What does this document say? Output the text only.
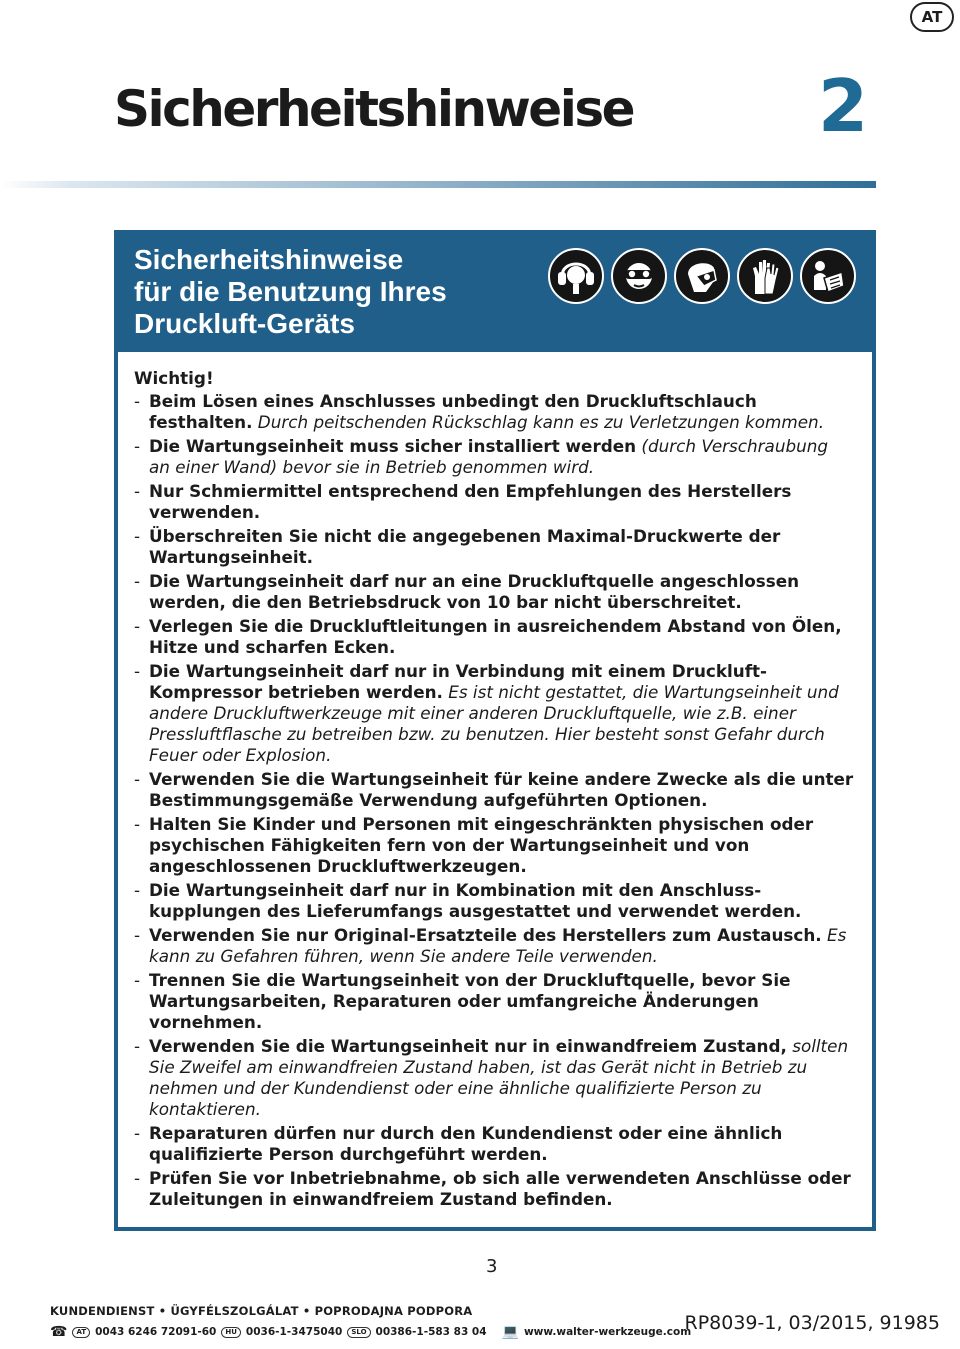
AT
Sicherheitshinweise	2
Sicherheitshinweise
für die Benutzung Ihres
Druckluft-Geräts

Wichtig!

- Beim Lösen eines Anschlusses unbedingt den Druckluftschlauch festhalten. Durch peitschenden Rückschlag kann es zu Verletzungen kommen.
- Die Wartungseinheit muss sicher installiert werden (durch Verschraubung an einer Wand) bevor sie in Betrieb genommen wird.
- Nur Schmiermittel entsprechend den Empfehlungen des Herstellers verwenden.
- Überschreiten Sie nicht die angegebenen Maximal-Druckwerte der Wartungseinheit.
- Die Wartungseinheit darf nur an eine Druckluftquelle angeschlossen werden, die den Betriebsdruck von 10 bar nicht überschreitet.
- Verlegen Sie die Druckluftleitungen in ausreichendem Abstand von Ölen, Hitze und scharfen Ecken.
- Die Wartungseinheit darf nur in Verbindung mit einem Druckluft-Kompressor betrieben werden. Es ist nicht gestattet, die Wartungseinheit und andere Druckluftwerkzeuge mit einer anderen Druckluftquelle, wie z.B. einer Pressluftflasche zu betreiben bzw. zu benutzen. Hier besteht sonst Gefahr durch Feuer oder Explosion.
- Verwenden Sie die Wartungseinheit für keine andere Zwecke als die unter Bestimmungsgemäße Verwendung aufgeführten Optionen.
- Halten Sie Kinder und Personen mit eingeschränkten physischen oder psychischen Fähigkeiten fern von der Wartungseinheit und von angeschlossenen Druckluftwerkzeugen.
- Die Wartungseinheit darf nur in Kombination mit den Anschluss-kupplungen des Lieferumfangs ausgestattet und verwendet werden.
- Verwenden Sie nur Original-Ersatzteile des Herstellers zum Austausch. Es kann zu Gefahren führen, wenn Sie andere Teile verwenden.
- Trennen Sie die Wartungseinheit von der Druckluftquelle, bevor Sie Wartungsarbeiten, Reparaturen oder umfangreiche Änderungen vornehmen.
- Verwenden Sie die Wartungseinheit nur in einwandfreiem Zustand, sollten Sie Zweifel am einwandfreien Zustand haben, ist das Gerät nicht in Betrieb zu nehmen und der Kundendienst oder eine ähnliche qualifizierte Person zu kontaktieren.
- Reparaturen dürfen nur durch den Kundendienst oder eine ähnlich qualifizierte Person durchgeführt werden.
- Prüfen Sie vor Inbetriebnahme, ob sich alle verwendeten Anschlüsse oder Zuleitungen in einwandfreiem Zustand befinden.
3
KUNDENDIENST • ÜGYFÉLSZOLGÁLAT • POPRODAJNA PODPORA
☎	AT 0043 6246 72091-60	HU 0036-1-3475040	SLO 00386-1-583 83 04 💻 www.walter-werkzeuge.com
RP8039-1, 03/2015, 91985
